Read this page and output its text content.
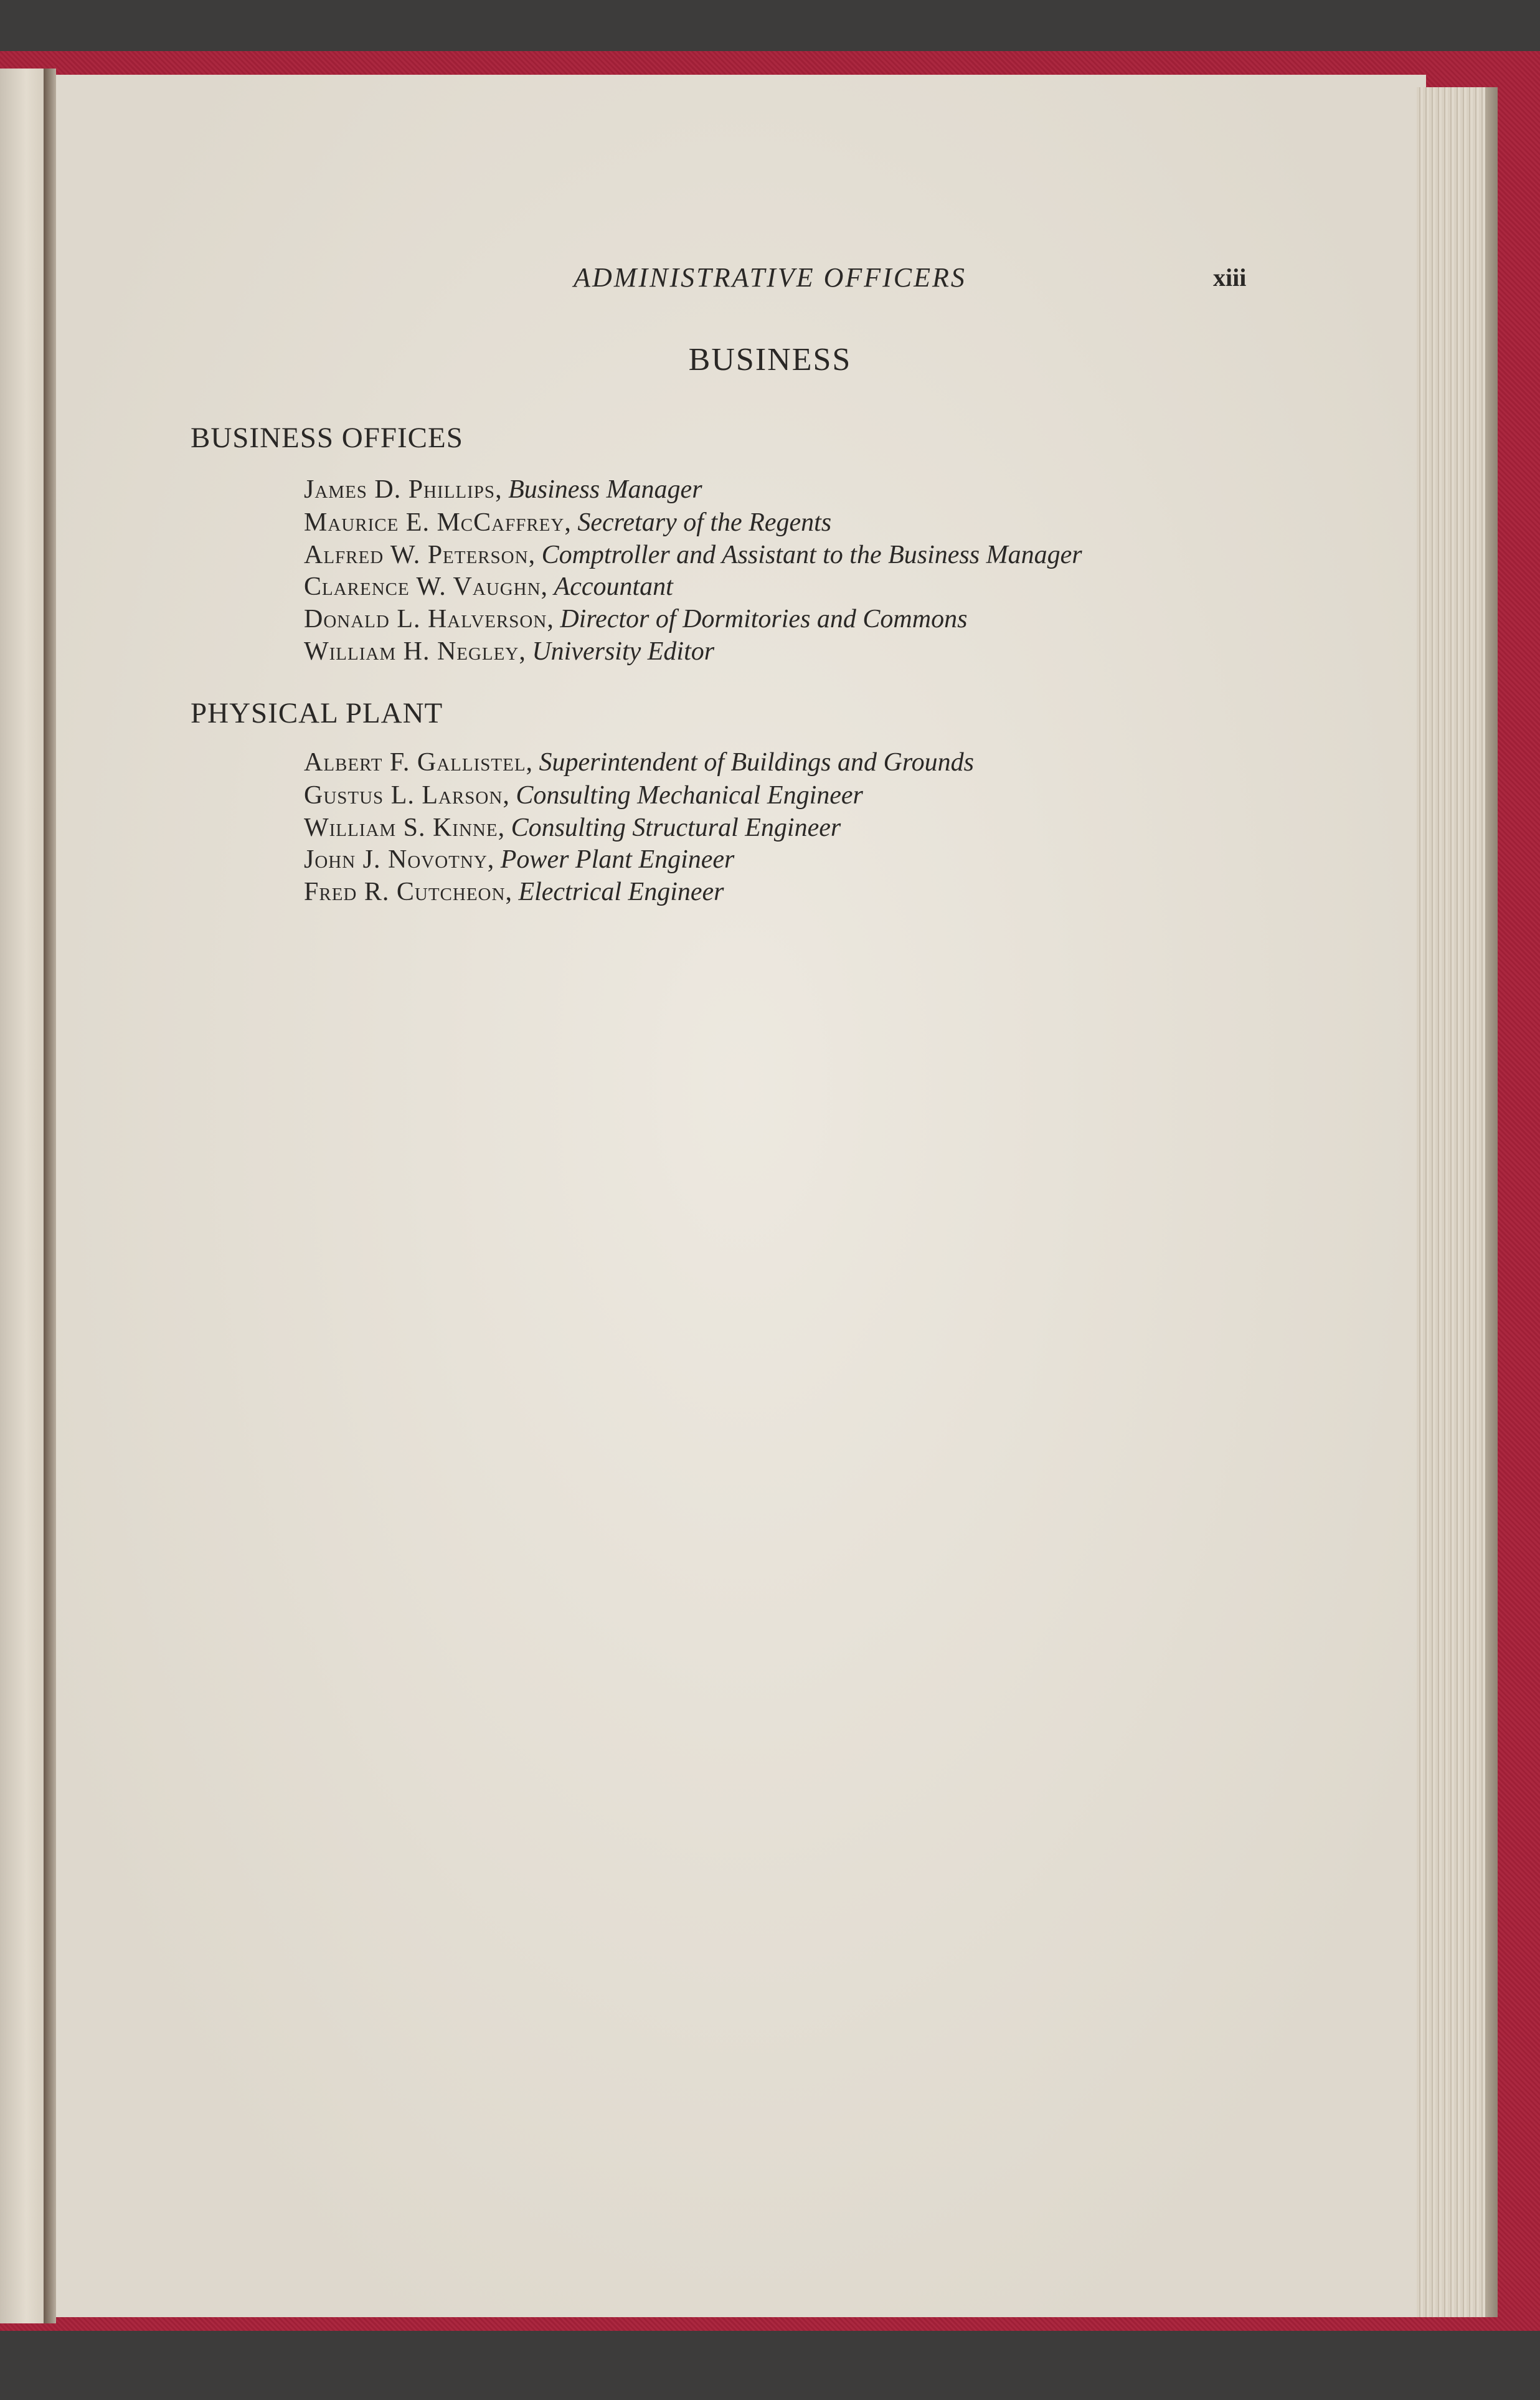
ADMINISTRATIVE OFFICERS	xiii
BUSINESS
BUSINESS OFFICES
James D. Phillips, Business Manager
Maurice E. McCaffrey, Secretary of the Regents
Alfred W. Peterson, Comptroller and Assistant to the Business Manager
Clarence W. Vaughn, Accountant
Donald L. Halverson, Director of Dormitories and Commons
William H. Negley, University Editor
PHYSICAL PLANT
Albert F. Gallistel, Superintendent of Buildings and Grounds
Gustus L. Larson, Consulting Mechanical Engineer
William S. Kinne, Consulting Structural Engineer
John J. Novotny, Power Plant Engineer
Fred R. Cutcheon, Electrical Engineer
